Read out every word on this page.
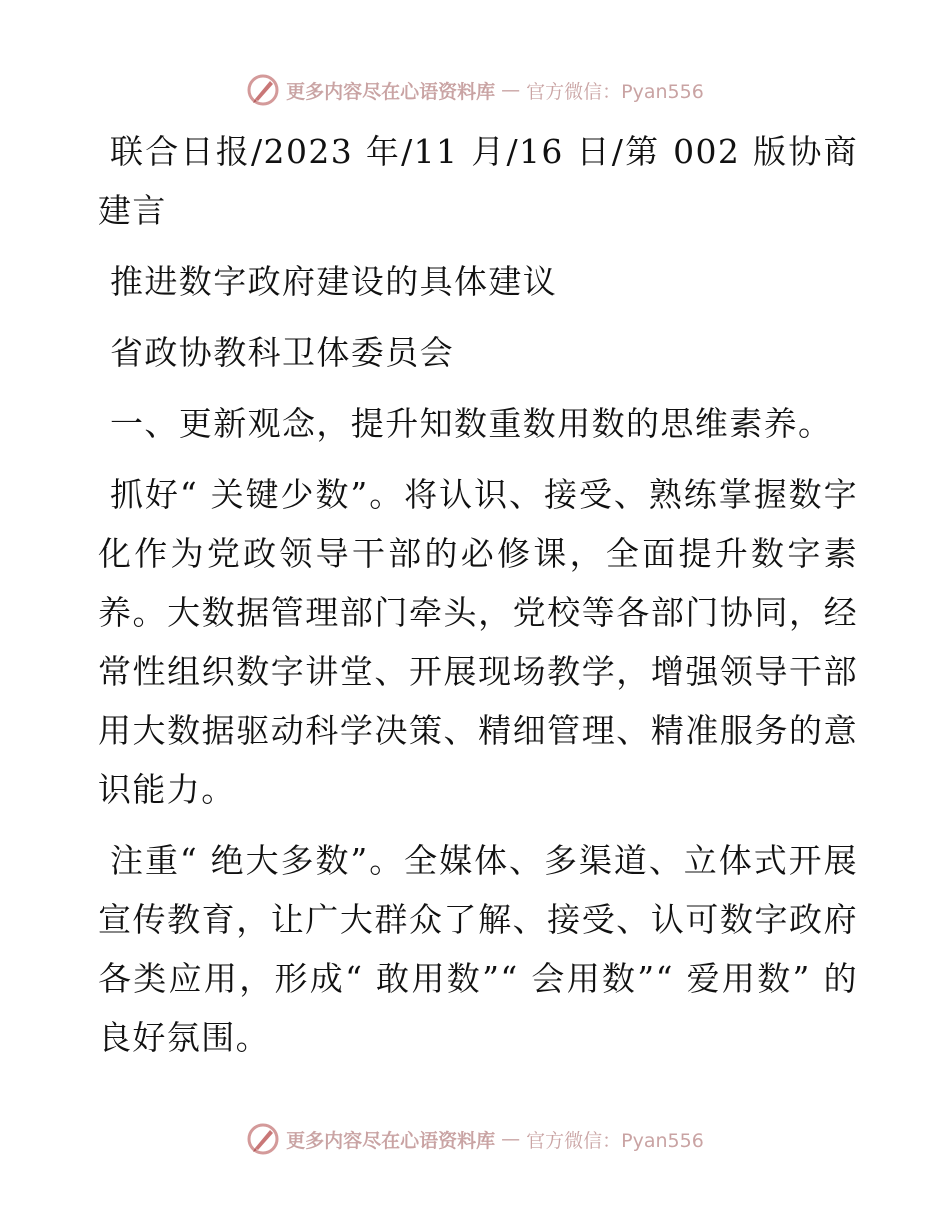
更多内容尽在心语资料库 — 官方微信：Pyan556

联合日报/2023 年/11 月/16 日/第 002 版协商建言

推进数字政府建设的具体建议

省政协教科卫体委员会

一、更新观念，提升知数重数用数的思维素养。

抓好“ 关键少数”。将认识、接受、熟练掌握数字化作为党政领导干部的必修课，全面提升数字素养。大数据管理部门牵头，党校等各部门协同，经常性组织数字讲堂、开展现场教学，增强领导干部用大数据驱动科学决策、精细管理、精准服务的意识能力。

注重“ 绝大多数”。全媒体、多渠道、立体式开展宣传教育，让广大群众了解、接受、认可数字政府各类应用，形成“ 敢用数”“ 会用数”“ 爱用数” 的良好氛围。

更多内容尽在心语资料库 — 官方微信：Pyan556
